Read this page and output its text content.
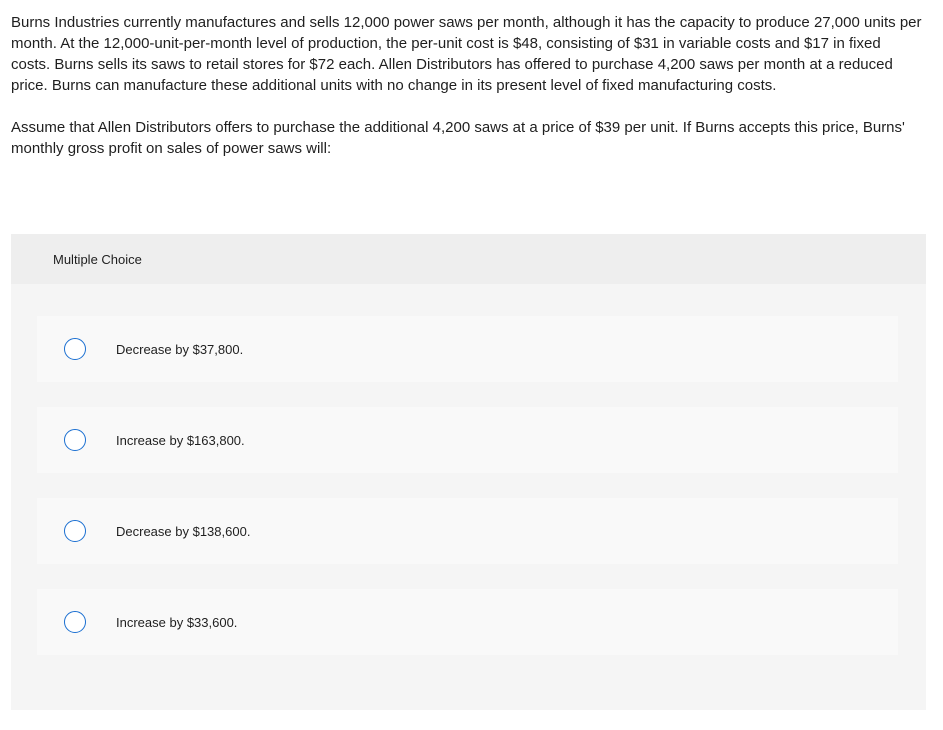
Burns Industries currently manufactures and sells 12,000 power saws per month, although it has the capacity to produce 27,000 units per month. At the 12,000-unit-per-month level of production, the per-unit cost is $48, consisting of $31 in variable costs and $17 in fixed costs. Burns sells its saws to retail stores for $72 each. Allen Distributors has offered to purchase 4,200 saws per month at a reduced price. Burns can manufacture these additional units with no change in its present level of fixed manufacturing costs.

Assume that Allen Distributors offers to purchase the additional 4,200 saws at a price of $39 per unit. If Burns accepts this price, Burns' monthly gross profit on sales of power saws will:

Multiple Choice
Decrease by $37,800.
Increase by $163,800.
Decrease by $138,600.
Increase by $33,600.
